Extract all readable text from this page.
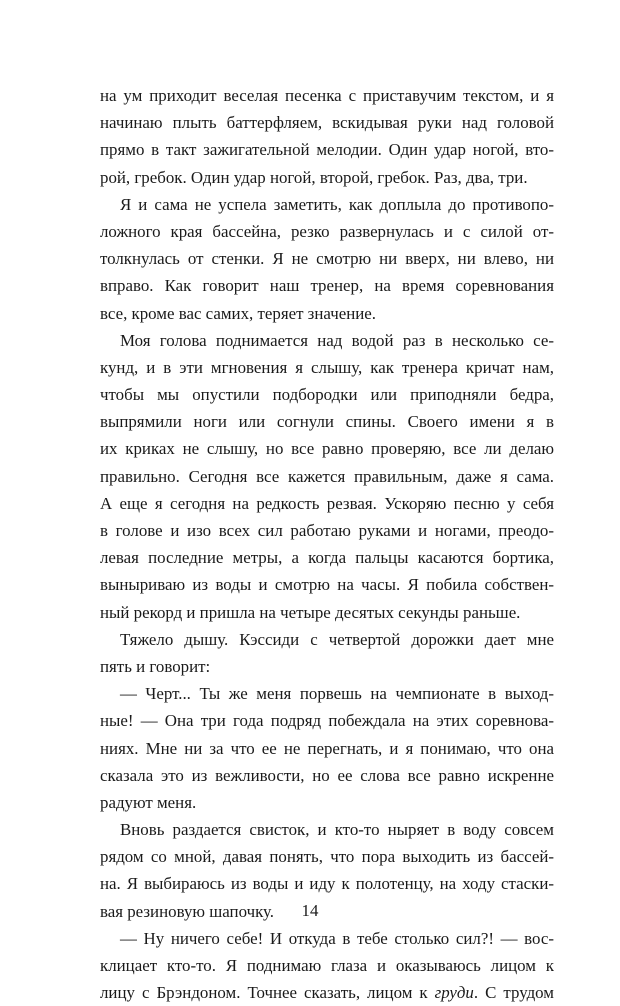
на ум приходит веселая песенка с приставучим текстом, и я
начинаю плыть баттерфляем, вскидывая руки над головой
прямо в такт зажигательной мелодии. Один удар ногой, вто-
рой, гребок. Один удар ногой, второй, гребок. Раз, два, три.
Я и сама не успела заметить, как доплыла до противопо-
ложного края бассейна, резко развернулась и с силой от-
толкнулась от стенки. Я не смотрю ни вверх, ни влево, ни
вправо. Как говорит наш тренер, на время соревнования
все, кроме вас самих, теряет значение.
Моя голова поднимается над водой раз в несколько се-
кунд, и в эти мгновения я слышу, как тренера кричат нам,
чтобы мы опустили подбородки или приподняли бедра,
выпрямили ноги или согнули спины. Своего имени я в
их криках не слышу, но все равно проверяю, все ли делаю
правильно. Сегодня все кажется правильным, даже я сама.
А еще я сегодня на редкость резвая. Ускоряю песню у себя
в голове и изо всех сил работаю руками и ногами, преодо-
левая последние метры, а когда пальцы касаются бортика,
выныриваю из воды и смотрю на часы. Я побила собствен-
ный рекорд и пришла на четыре десятых секунды раньше.
Тяжело дышу. Кэссиди с четвертой дорожки дает мне
пять и говорит:
— Черт... Ты же меня порвешь на чемпионате в выход-
ные! — Она три года подряд побеждала на этих соревнова-
ниях. Мне ни за что ее не перегнать, и я понимаю, что она
сказала это из вежливости, но ее слова все равно искренне
радуют меня.
Вновь раздается свисток, и кто-то ныряет в воду совсем
рядом со мной, давая понять, что пора выходить из бассей-
на. Я выбираюсь из воды и иду к полотенцу, на ходу стаски-
вая резиновую шапочку.
— Ну ничего себе! И откуда в тебе столько сил?! — вос-
клицает кто-то. Я поднимаю глаза и оказываюсь лицом к
лицу с Брэндоном. Точнее сказать, лицом к груди. С трудом
14
